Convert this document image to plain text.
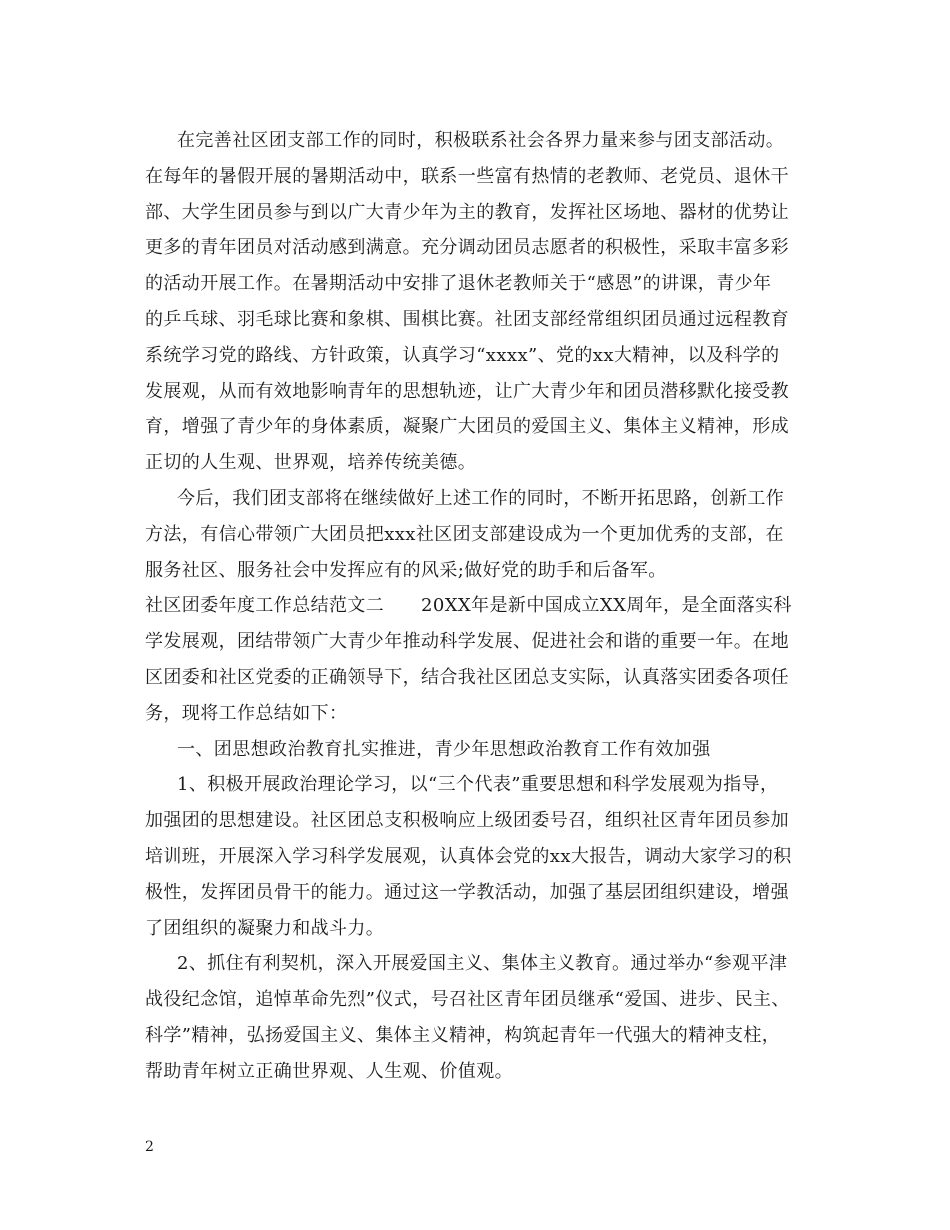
在完善社区团支部工作的同时，积极联系社会各界力量来参与团支部活动。
在每年的暑假开展的暑期活动中，联系一些富有热情的老教师、老党员、退休干
部、大学生团员参与到以广大青少年为主的教育，发挥社区场地、器材的优势让
更多的青年团员对活动感到满意。充分调动团员志愿者的积极性，采取丰富多彩
的活动开展工作。在暑期活动中安排了退休老教师关于“感恩”的讲课，青少年
的乒乓球、羽毛球比赛和象棋、围棋比赛。社团支部经常组织团员通过远程教育
系统学习党的路线、方针政策，认真学习“xxxx”、党的xx大精神，以及科学的
发展观，从而有效地影响青年的思想轨迹，让广大青少年和团员潜移默化接受教
育，增强了青少年的身体素质，凝聚广大团员的爱国主义、集体主义精神，形成
正切的人生观、世界观，培养传统美德。
今后，我们团支部将在继续做好上述工作的同时，不断开拓思路，创新工作
方法，有信心带领广大团员把xxx社区团支部建设成为一个更加优秀的支部，在
服务社区、服务社会中发挥应有的风采;做好党的助手和后备军。
社区团委年度工作总结范文二　　20XX年是新中国成立XX周年，是全面落实科
学发展观，团结带领广大青少年推动科学发展、促进社会和谐的重要一年。在地
区团委和社区党委的正确领导下，结合我社区团总支实际，认真落实团委各项任
务，现将工作总结如下：
一、团思想政治教育扎实推进，青少年思想政治教育工作有效加强
1、积极开展政治理论学习，以“三个代表”重要思想和科学发展观为指导，
加强团的思想建设。社区团总支积极响应上级团委号召，组织社区青年团员参加
培训班，开展深入学习科学发展观，认真体会党的xx大报告，调动大家学习的积
极性，发挥团员骨干的能力。通过这一学教活动，加强了基层团组织建设，增强
了团组织的凝聚力和战斗力。
2、抓住有利契机，深入开展爱国主义、集体主义教育。通过举办“参观平津
战役纪念馆，追悼革命先烈”仪式，号召社区青年团员继承“爱国、进步、民主、
科学”精神，弘扬爱国主义、集体主义精神，构筑起青年一代强大的精神支柱，
帮助青年树立正确世界观、人生观、价值观。
2
